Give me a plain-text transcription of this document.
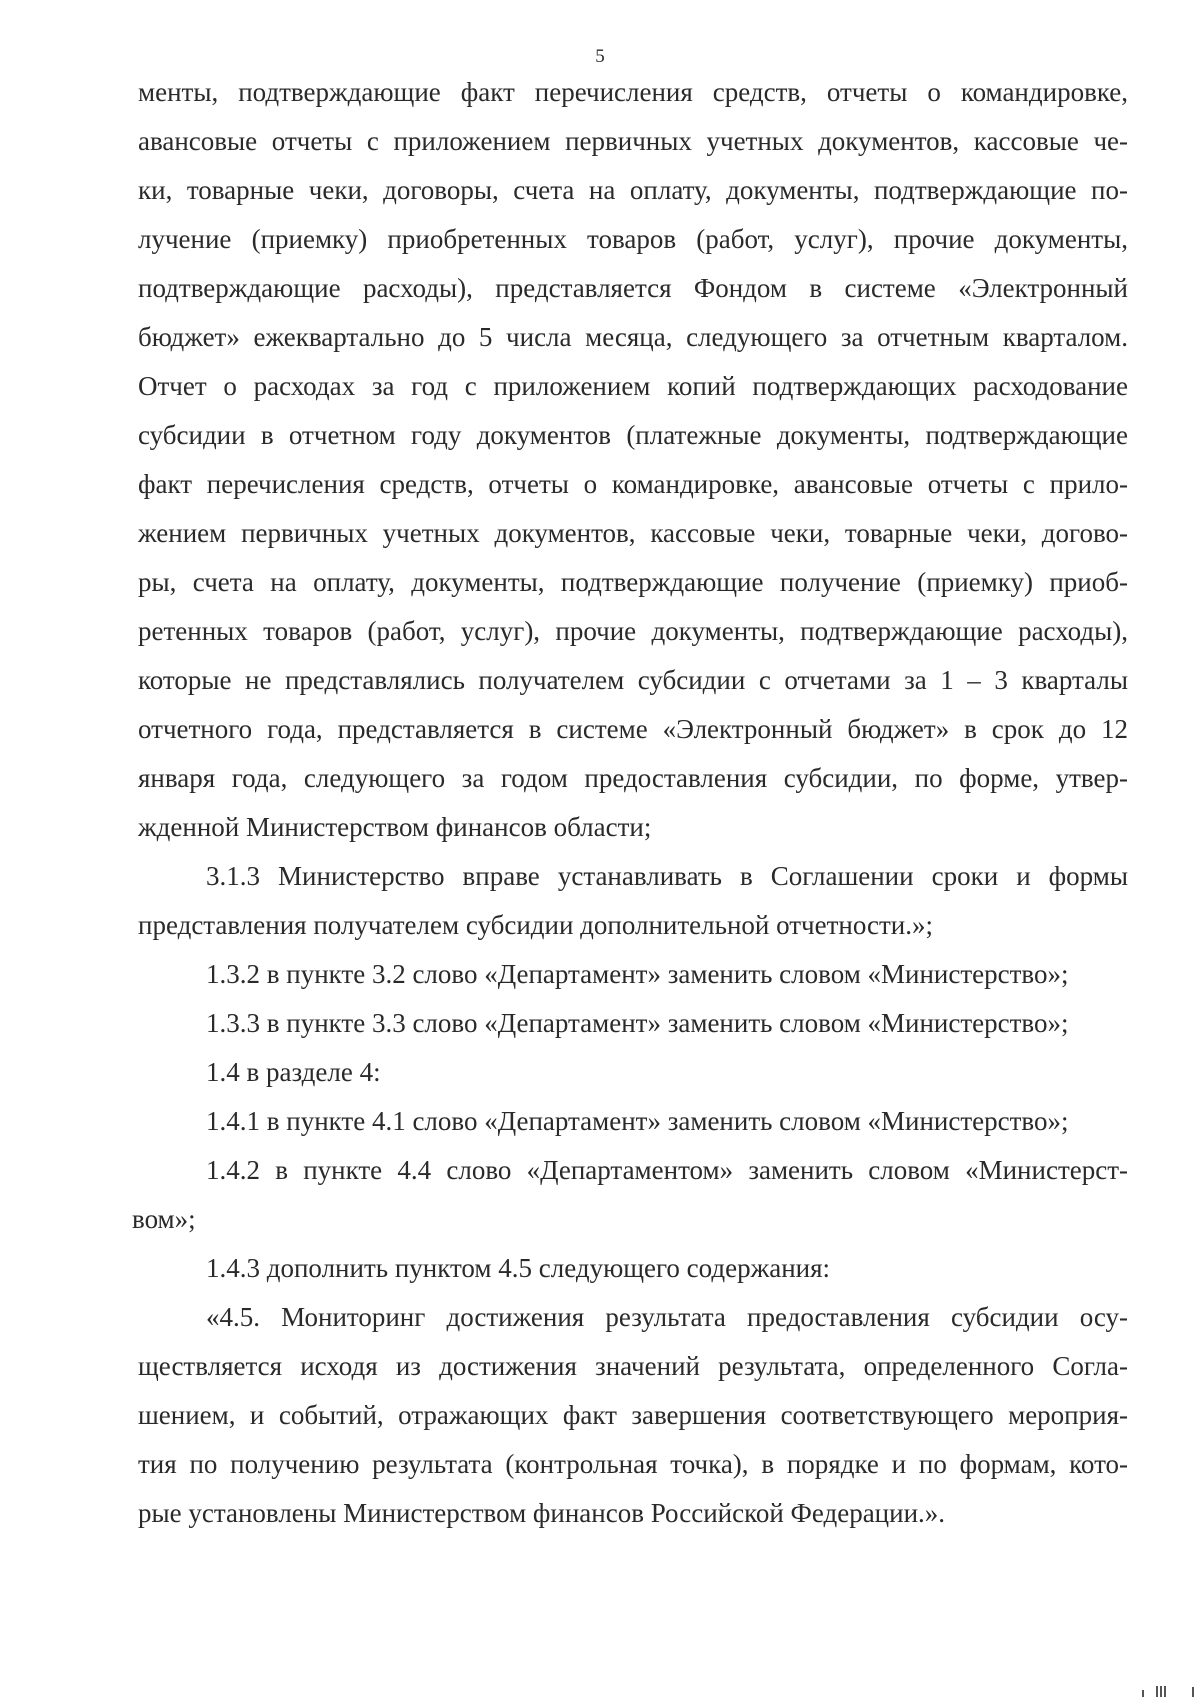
5
менты, подтверждающие факт перечисления средств, отчеты о командировке,
авансовые отчеты с приложением первичных учетных документов, кассовые че-
ки, товарные чеки, договоры, счета на оплату, документы, подтверждающие по-
лучение (приемку) приобретенных товаров (работ, услуг), прочие документы,
подтверждающие расходы), представляется Фондом в системе «Электронный
бюджет» ежеквартально до 5 числа месяца, следующего за отчетным кварталом.
Отчет о расходах за год с приложением копий подтверждающих расходование
субсидии в отчетном году документов (платежные документы, подтверждающие
факт перечисления средств, отчеты о командировке, авансовые отчеты с прило-
жением первичных учетных документов, кассовые чеки, товарные чеки, догово-
ры, счета на оплату, документы, подтверждающие получение (приемку) приоб-
ретенных товаров (работ, услуг), прочие документы, подтверждающие расходы),
которые не представлялись получателем субсидии с отчетами за 1 – 3 кварталы
отчетного года, представляется в системе «Электронный бюджет» в срок до 12
января года, следующего за годом предоставления субсидии, по форме, утвер-
жденной Министерством финансов области;
3.1.3 Министерство вправе устанавливать в Соглашении сроки и формы
представления получателем субсидии дополнительной отчетности.»;
1.3.2 в пункте 3.2 слово «Департамент» заменить словом «Министерство»;
1.3.3 в пункте 3.3 слово «Департамент» заменить словом «Министерство»;
1.4 в разделе 4:
1.4.1 в пункте 4.1 слово «Департамент» заменить словом «Министерство»;
1.4.2 в пункте 4.4 слово «Департаментом» заменить словом «Министерст-
вом»;
1.4.3 дополнить пунктом 4.5 следующего содержания:
«4.5. Мониторинг достижения результата предоставления субсидии осу-
ществляется исходя из достижения значений результата, определенного Согла-
шением, и событий, отражающих факт завершения соответствующего мероприя-
тия по получению результата (контрольная точка), в порядке и по формам, кото-
рые установлены Министерством финансов Российской Федерации.».
